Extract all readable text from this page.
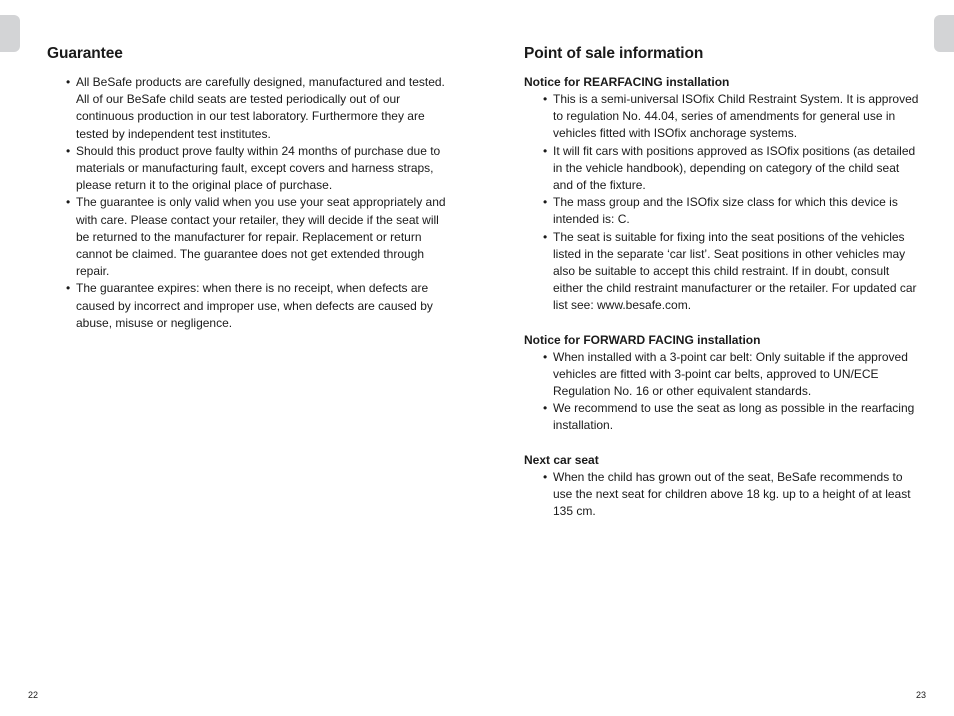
Guarantee
• All BeSafe products are carefully designed, manufactured and tested. All of our BeSafe child seats are tested periodically out of our continuous production in our test laboratory. Furthermore they are tested by independent test institutes.
• Should this product prove faulty within 24 months of purchase due to materials or manufacturing fault, except covers and harness straps, please return it to the original place of purchase.
• The guarantee is only valid when you use your seat appropriately and with care. Please contact your retailer, they will decide if the seat will be returned to the manufacturer for repair. Replacement or return cannot be claimed. The guarantee does not get extended through repair.
• The guarantee expires: when there is no receipt, when defects are caused by incorrect and improper use, when defects are caused by abuse, misuse or negligence.
Point of sale information
Notice for REARFACING installation
• This is a semi-universal ISOfix Child Restraint System. It is approved to regulation No. 44.04, series of amendments for general use in vehicles fitted with ISOfix anchorage systems.
• It will fit cars with positions approved as ISOfix positions (as detailed in the vehicle handbook), depending on category of the child seat and of the fixture.
• The mass group and the ISOfix size class for which this device is intended is: C.
• The seat is suitable for fixing into the seat positions of the vehicles listed in the separate ‘car list’. Seat positions in other vehicles may also be suitable to accept this child restraint. If in doubt, consult either the child restraint manufacturer or the retailer. For updated car list see: www.besafe.com.
Notice for FORWARD FACING installation
• When installed with a 3-point car belt: Only suitable if the approved vehicles are fitted with 3-point car belts, approved to UN/ECE Regulation No. 16 or other equivalent standards.
• We recommend to use the seat as long as possible in the rearfacing installation.
Next car seat
• When the child has grown out of the seat, BeSafe recommends to use the next seat for children above 18 kg. up to a height of at least 135 cm.
22	23
